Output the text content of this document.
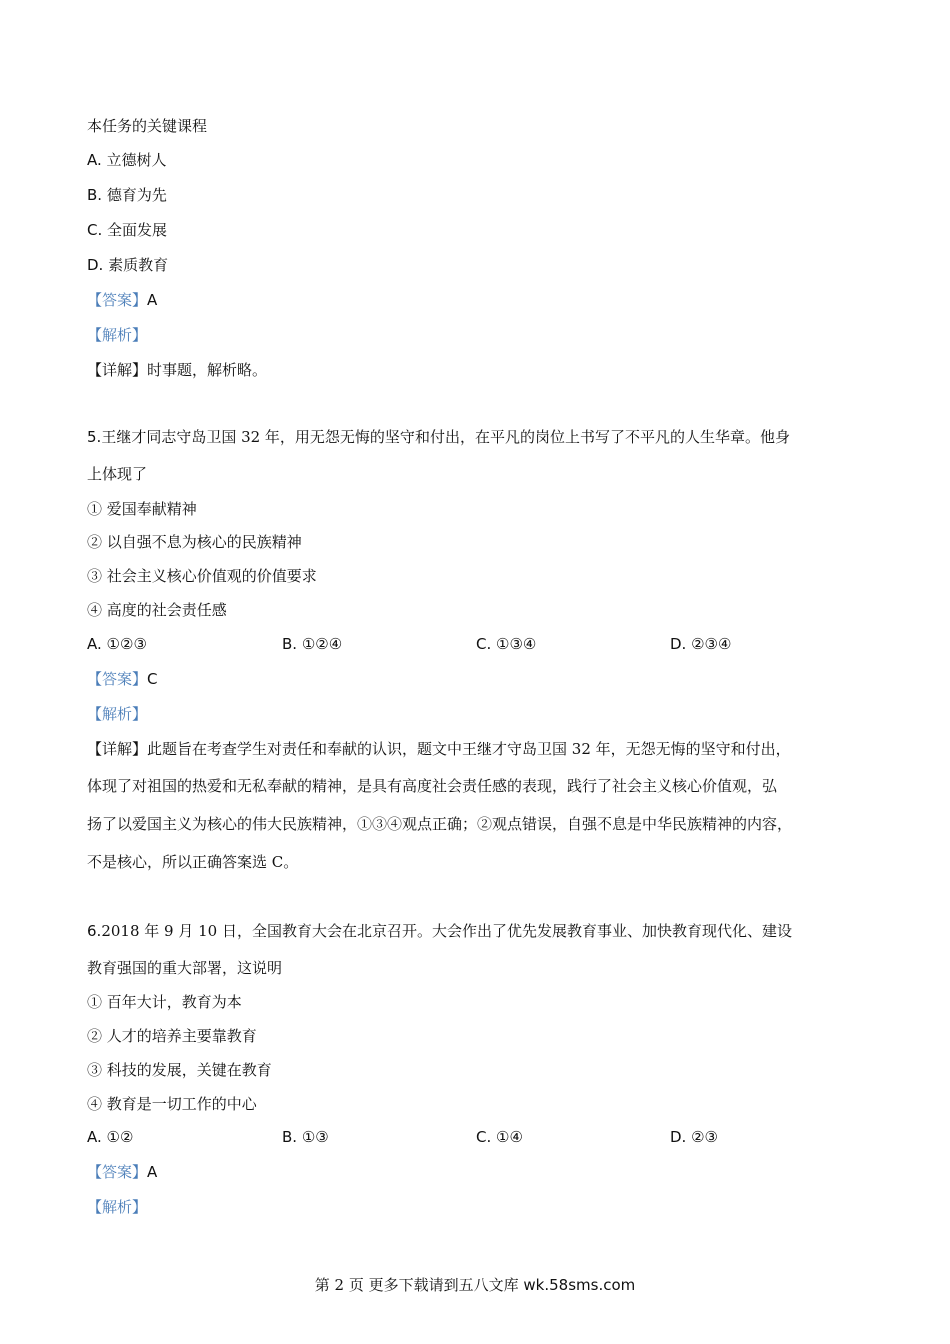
本任务的关键课程
A. 立德树人
B. 德育为先
C. 全面发展
D. 素质教育
【答案】A
【解析】
【详解】时事题，解析略。
5.王继才同志守岛卫国 32 年，用无怨无悔的坚守和付出，在平凡的岗位上书写了不平凡的人生华章。他身
上体现了
① 爱国奉献精神
② 以自强不息为核心的民族精神
③ 社会主义核心价值观的价值要求
④ 高度的社会责任感
A. ①②③	B. ①②④	C. ①③④	D. ②③④
【答案】C
【解析】
【详解】此题旨在考查学生对责任和奉献的认识，题文中王继才守岛卫国 32 年，无怨无悔的坚守和付出，
体现了对祖国的热爱和无私奉献的精神，是具有高度社会责任感的表现，践行了社会主义核心价值观，弘
扬了以爱国主义为核心的伟大民族精神，①③④观点正确；②观点错误，自强不息是中华民族精神的内容，
不是核心，所以正确答案选 C。
6.2018 年 9 月 10 日，全国教育大会在北京召开。大会作出了优先发展教育事业、加快教育现代化、建设
教育强国的重大部署，这说明
① 百年大计，教育为本
② 人才的培养主要靠教育
③ 科技的发展，关键在教育
④ 教育是一切工作的中心
A. ①②	B. ①③	C. ①④	D. ②③
【答案】A
【解析】
第 2 页 更多下载请到五八文库 wk.58sms.com
